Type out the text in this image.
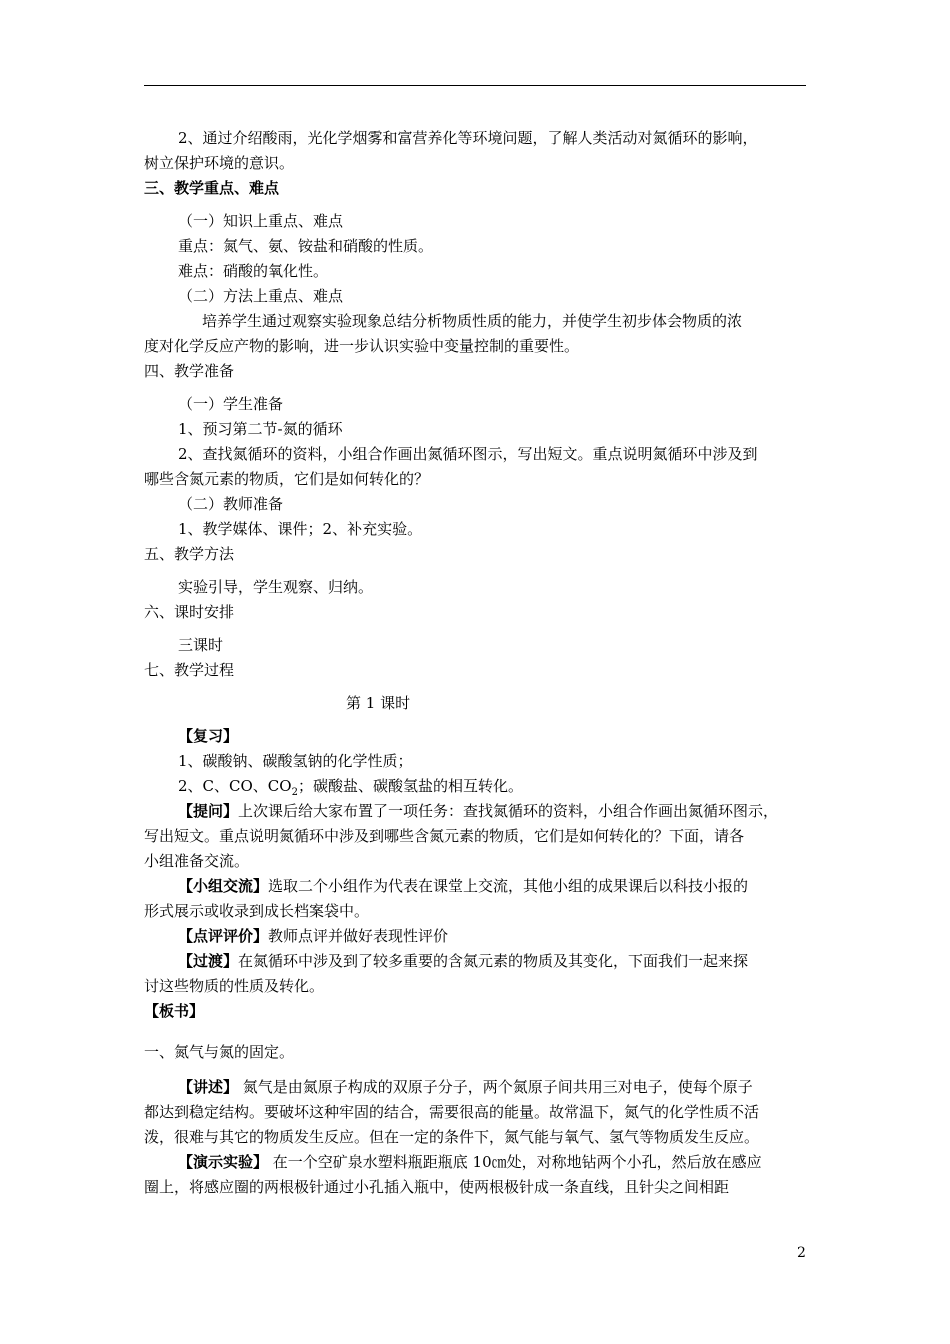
2、通过介绍酸雨，光化学烟雾和富营养化等环境问题，了解人类活动对氮循环的影响，
树立保护环境的意识。
三、教学重点、难点
（一）知识上重点、难点
重点：氮气、氨、铵盐和硝酸的性质。
难点：硝酸的氧化性。
（二）方法上重点、难点
培养学生通过观察实验现象总结分析物质性质的能力，并使学生初步体会物质的浓
度对化学反应产物的影响，进一步认识实验中变量控制的重要性。
四、教学准备
（一）学生准备
1、预习第二节-氮的循环
2、查找氮循环的资料，小组合作画出氮循环图示，写出短文。重点说明氮循环中涉及到
哪些含氮元素的物质，它们是如何转化的？
（二）教师准备
1、教学媒体、课件；2、补充实验。
五、教学方法
实验引导，学生观察、归纳。
六、课时安排
三课时
七、教学过程
第 1 课时
【复习】
1、碳酸钠、碳酸氢钠的化学性质；
2、C、CO、$CO_2$；碳酸盐、碳酸氢盐的相互转化。
【提问】上次课后给大家布置了一项任务：查找氮循环的资料，小组合作画出氮循环图示，
写出短文。重点说明氮循环中涉及到哪些含氮元素的物质，它们是如何转化的？下面，请各
小组准备交流。
【小组交流】选取二个小组作为代表在课堂上交流，其他小组的成果课后以科技小报的
形式展示或收录到成长档案袋中。
【点评评价】教师点评并做好表现性评价
【过渡】在氮循环中涉及到了较多重要的含氮元素的物质及其变化，下面我们一起来探
讨这些物质的性质及转化。
【板书】
一、氮气与氮的固定。
【讲述】 氮气是由氮原子构成的双原子分子，两个氮原子间共用三对电子，使每个原子
都达到稳定结构。要破坏这种牢固的结合，需要很高的能量。故常温下，氮气的化学性质不活
泼，很难与其它的物质发生反应。但在一定的条件下，氮气能与氧气、氢气等物质发生反应。
【演示实验】 在一个空矿泉水塑料瓶距瓶底 10㎝处，对称地钻两个小孔，然后放在感应
圈上，将感应圈的两根极针通过小孔插入瓶中，使两根极针成一条直线，且针尖之间相距
2
